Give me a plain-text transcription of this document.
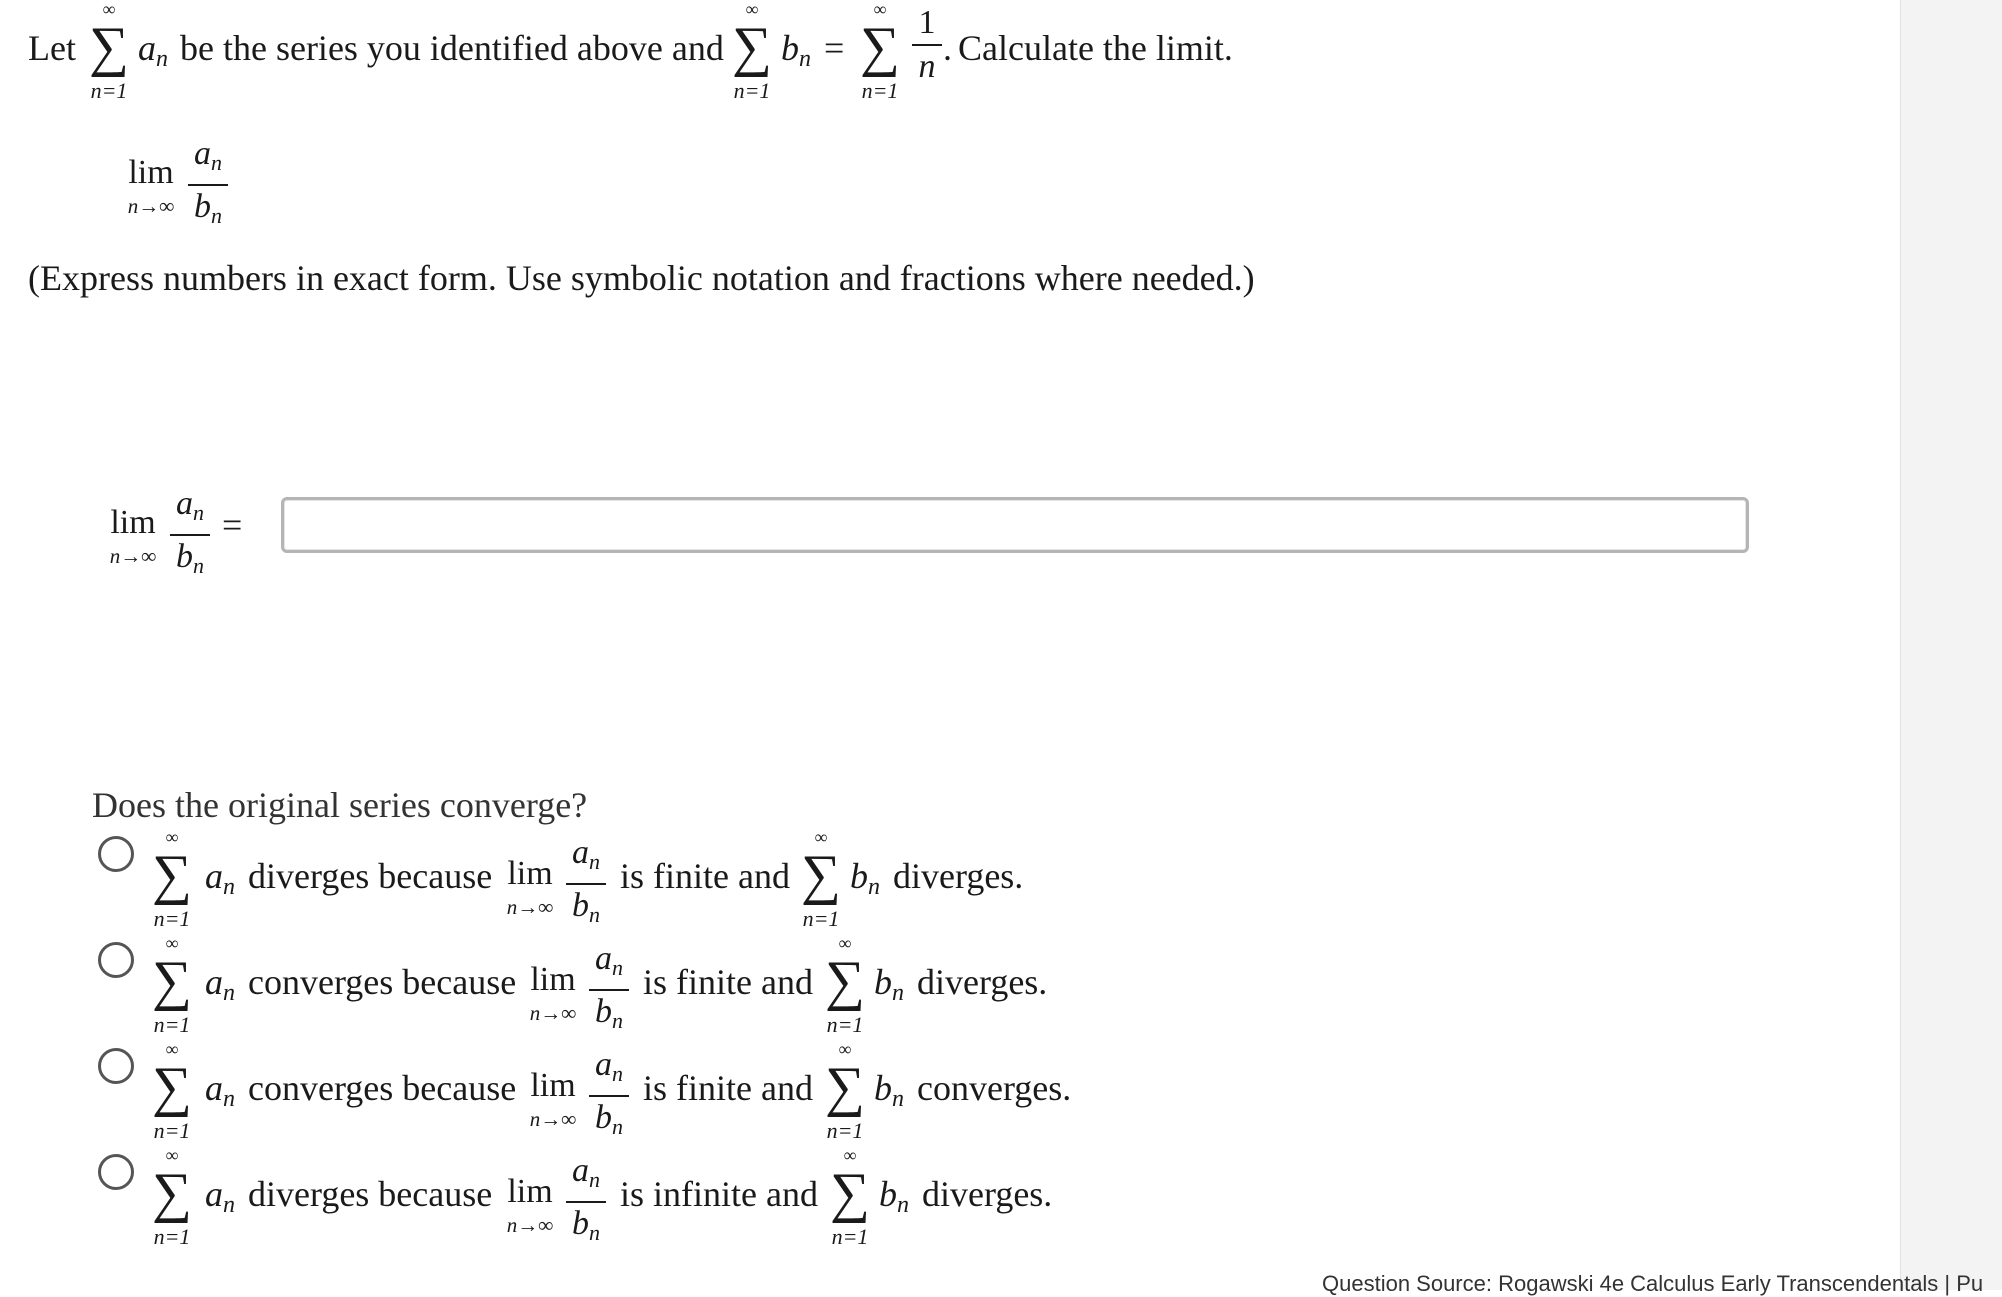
Let
∞
∑
n=1
an be the series you identified above and
∞
∑
n=1
bn =
∞
∑
n=1
1
n . Calculate the limit.
lim
n→∞
an
bn
(Express numbers in exact form. Use symbolic notation and fractions where needed.)
lim
n→∞
an
bn
=
Does the original series converge?
∞
∑
n=1
an diverges because lim
n→∞
an
bn
is finite and
∞
∑
n=1
bn diverges.
∞
∑
n=1
an converges because lim
n→∞
an
bn
is finite and
∞
∑
n=1
bn diverges.
∞
∑
n=1
an converges because lim
n→∞
an
bn
is finite and
∞
∑
n=1
bn converges.
∞
∑
n=1
an diverges because lim
n→∞
an
bn
is infinite and
∞
∑
n=1
bn diverges.
Question Source: Rogawski 4e Calculus Early Transcendentals | Pu
